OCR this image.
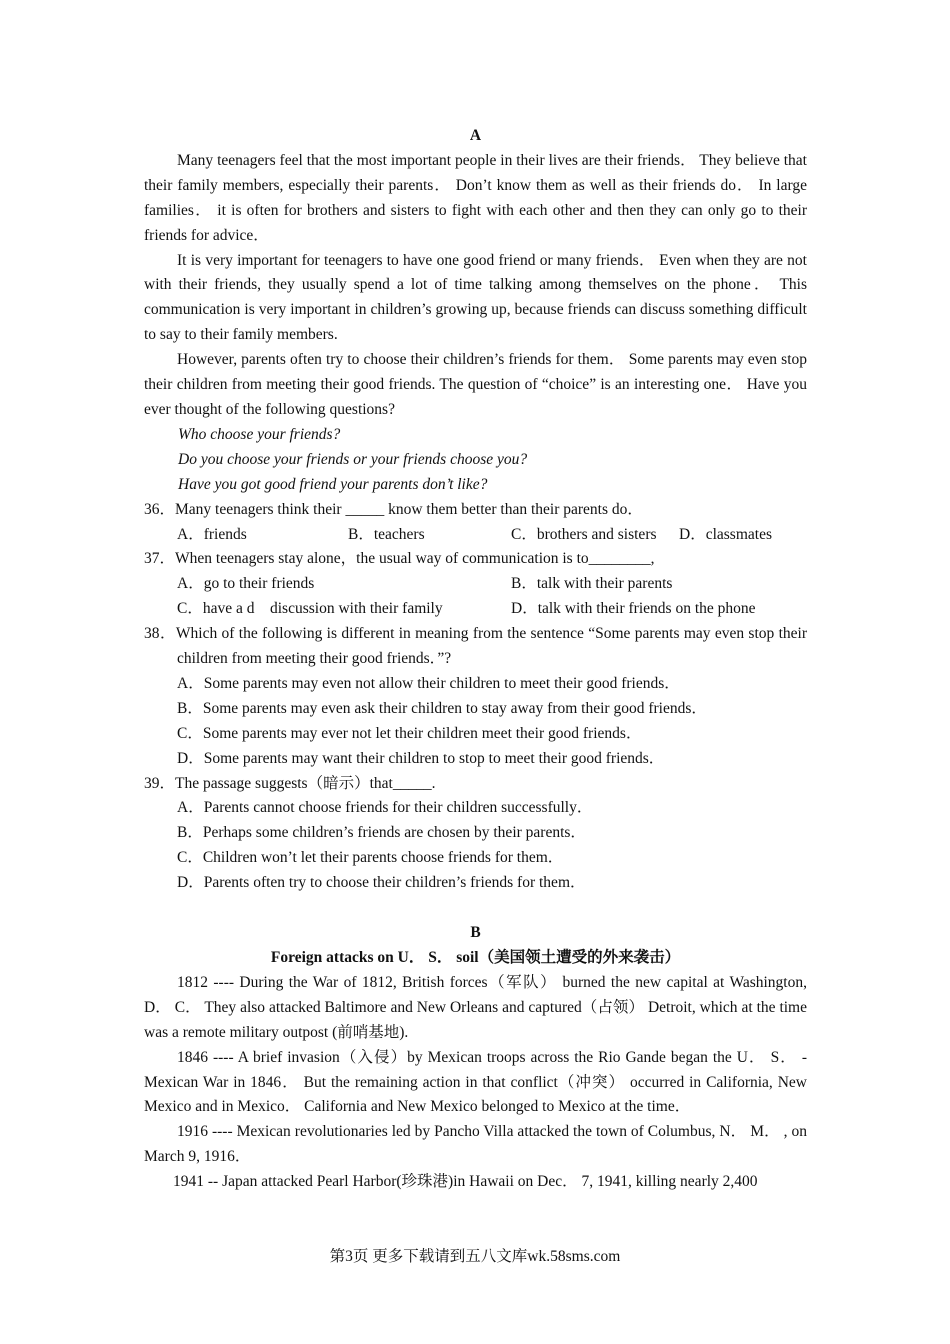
A

Many teenagers feel that the most important people in their lives are their friends． They believe that their family members, especially their parents． Don’t know them as well as their friends do． In large families． it is often for brothers and sisters to fight with each other and then they can only go to their friends for advice．

It is very important for teenagers to have one good friend or many friends． Even when they are not with their friends, they usually spend a lot of time talking among themselves on the phone． This communication is very important in children’s growing up, because friends can discuss something difficult to say to their family members.

However, parents often try to choose their children’s friends for them． Some parents may even stop their children from meeting their good friends. The question of “choice” is an interesting one． Have you ever thought of the following questions?

Who choose your friends?

Do you choose your friends or your friends choose you?

Have you got good friend your parents don’t like?

36．Many teenagers think their _____ know them better than their parents do．

A．friends	B．teachers	C．brothers and sisters	D．classmates

37．When teenagers stay alone，the usual way of communication is to________,

A．go to their friends	B．talk with their parents
C．have a d　discussion with their family	D．talk with their friends on the phone

38．Which of the following is different in meaning from the sentence “Some parents may even stop their children from meeting their good friends．”?

A．Some parents may even not allow their children to meet their good friends．

B．Some parents may even ask their children to stay away from their good friends．

C．Some parents may ever not let their children meet their good friends．

D．Some parents may want their children to stop to meet their good friends．

39．The passage suggests（暗示）that_____.

A．Parents cannot choose friends for their children successfully．

B．Perhaps some children’s friends are chosen by their parents．

C．Children won’t let their parents choose friends for them．

D．Parents often try to choose their children’s friends for them．

B

Foreign attacks on U． S． soil（美国领土遭受的外来袭击）

1812 ---- During the War of 1812, British forces（军队） burned the new capital at Washington, D． C． They also attacked Baltimore and New Orleans and captured（占领） Detroit, which at the time was a remote military outpost (前哨基地).

1846 ---- A brief invasion（入侵）by Mexican troops across the Rio Gande began the U． S． - Mexican War in 1846． But the remaining action in that conflict（冲突） occurred in California, New Mexico and in Mexico． California and New Mexico belonged to Mexico at the time．

1916 ---- Mexican revolutionaries led by Pancho Villa attacked the town of Columbus, N． M． , on March 9, 1916．

1941 -- Japan attacked Pearl Harbor(珍珠港)in Hawaii on Dec． 7, 1941, killing nearly 2,400

第3页 更多下载请到五八文库wk.58sms.com
